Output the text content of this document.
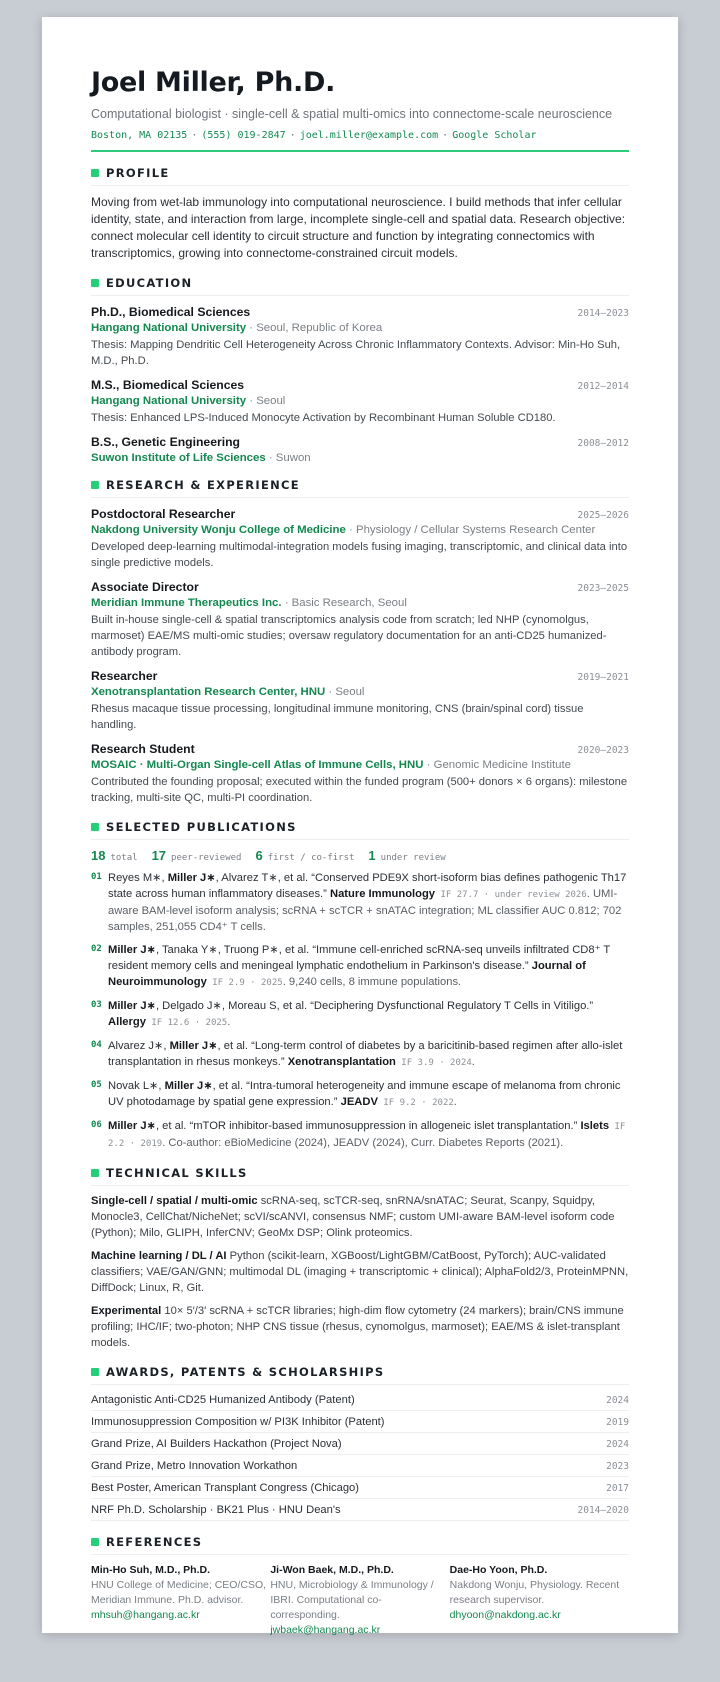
Joel Miller, Ph.D.
Computational biologist · single-cell & spatial multi-omics into connectome-scale neuroscience
Boston, MA 02135 · (555) 019-2847 · joel.miller@example.com · Google Scholar
PROFILE
Moving from wet-lab immunology into computational neuroscience. I build methods that infer cellular identity, state, and interaction from large, incomplete single-cell and spatial data. Research objective: connect molecular cell identity to circuit structure and function by integrating connectomics with transcriptomics, growing into connectome-constrained circuit models.
EDUCATION
Ph.D., Biomedical Sciences	2014–2023
Hangang National University · Seoul, Republic of Korea
Thesis: Mapping Dendritic Cell Heterogeneity Across Chronic Inflammatory Contexts. Advisor: Min-Ho Suh, M.D., Ph.D.
M.S., Biomedical Sciences	2012–2014
Hangang National University · Seoul
Thesis: Enhanced LPS-Induced Monocyte Activation by Recombinant Human Soluble CD180.
B.S., Genetic Engineering	2008–2012
Suwon Institute of Life Sciences · Suwon
RESEARCH & EXPERIENCE
Postdoctoral Researcher	2025–2026
Nakdong University Wonju College of Medicine · Physiology / Cellular Systems Research Center
Developed deep-learning multimodal-integration models fusing imaging, transcriptomic, and clinical data into single predictive models.
Associate Director	2023–2025
Meridian Immune Therapeutics Inc. · Basic Research, Seoul
Built in-house single-cell & spatial transcriptomics analysis code from scratch; led NHP (cynomolgus, marmoset) EAE/MS multi-omic studies; oversaw regulatory documentation for an anti-CD25 humanized-antibody program.
Researcher	2019–2021
Xenotransplantation Research Center, HNU · Seoul
Rhesus macaque tissue processing, longitudinal immune monitoring, CNS (brain/spinal cord) tissue handling.
Research Student	2020–2023
MOSAIC · Multi-Organ Single-cell Atlas of Immune Cells, HNU · Genomic Medicine Institute
Contributed the founding proposal; executed within the funded program (500+ donors × 6 organs): milestone tracking, multi-site QC, multi-PI coordination.
SELECTED PUBLICATIONS
18 total 17 peer-reviewed 6 first / co-first 1 under review
01 Reyes M∗, Miller J∗, Alvarez T∗, et al. “Conserved PDE9X short-isoform bias defines pathogenic Th17 state across human inflammatory diseases.” Nature Immunology IF 27.7 · under review 2026. UMI-aware BAM-level isoform analysis; scRNA + scTCR + snATAC integration; ML classifier AUC 0.812; 702 samples, 251,055 CD4⁺ T cells.
02 Miller J∗, Tanaka Y∗, Truong P∗, et al. “Immune cell-enriched scRNA-seq unveils infiltrated CD8⁺ T resident memory cells and meningeal lymphatic endothelium in Parkinson's disease.” Journal of Neuroimmunology IF 2.9 · 2025. 9,240 cells, 8 immune populations.
03 Miller J∗, Delgado J∗, Moreau S, et al. “Deciphering Dysfunctional Regulatory T Cells in Vitiligo.” Allergy IF 12.6 · 2025.
04 Alvarez J∗, Miller J∗, et al. “Long-term control of diabetes by a baricitinib-based regimen after allo-islet transplantation in rhesus monkeys.” Xenotransplantation IF 3.9 · 2024.
05 Novak L∗, Miller J∗, et al. “Intra-tumoral heterogeneity and immune escape of melanoma from chronic UV photodamage by spatial gene expression.” JEADV IF 9.2 · 2022.
06 Miller J∗, et al. “mTOR inhibitor-based immunosuppression in allogeneic islet transplantation.” Islets IF 2.2 · 2019. Co-author: eBioMedicine (2024), JEADV (2024), Curr. Diabetes Reports (2021).
TECHNICAL SKILLS
Single-cell / spatial / multi-omic scRNA-seq, scTCR-seq, snRNA/snATAC; Seurat, Scanpy, Squidpy, Monocle3, CellChat/NicheNet; scVI/scANVI, consensus NMF; custom UMI-aware BAM-level isoform code (Python); Milo, GLIPH, InferCNV; GeoMx DSP; Olink proteomics.
Machine learning / DL / AI Python (scikit-learn, XGBoost/LightGBM/CatBoost, PyTorch); AUC-validated classifiers; VAE/GAN/GNN; multimodal DL (imaging + transcriptomic + clinical); AlphaFold2/3, ProteinMPNN, DiffDock; Linux, R, Git.
Experimental 10× 5′/3′ scRNA + scTCR libraries; high-dim flow cytometry (24 markers); brain/CNS immune profiling; IHC/IF; two-photon; NHP CNS tissue (rhesus, cynomolgus, marmoset); EAE/MS & islet-transplant models.
AWARDS, PATENTS & SCHOLARSHIPS
Antagonistic Anti-CD25 Humanized Antibody (Patent)	2024
Immunosuppression Composition w/ PI3K Inhibitor (Patent)	2019
Grand Prize, AI Builders Hackathon (Project Nova)	2024
Grand Prize, Metro Innovation Workathon	2023
Best Poster, American Transplant Congress (Chicago)	2017
NRF Ph.D. Scholarship · BK21 Plus · HNU Dean's	2014–2020
REFERENCES
Min-Ho Suh, M.D., Ph.D.
HNU College of Medicine; CEO/CSO, Meridian Immune. Ph.D. advisor.
mhsuh@hangang.ac.kr
Ji-Won Baek, M.D., Ph.D.
HNU, Microbiology & Immunology / IBRI. Computational co-corresponding.
jwbaek@hangang.ac.kr
Dae-Ho Yoon, Ph.D.
Nakdong Wonju, Physiology. Recent research supervisor.
dhyoon@nakdong.ac.kr
